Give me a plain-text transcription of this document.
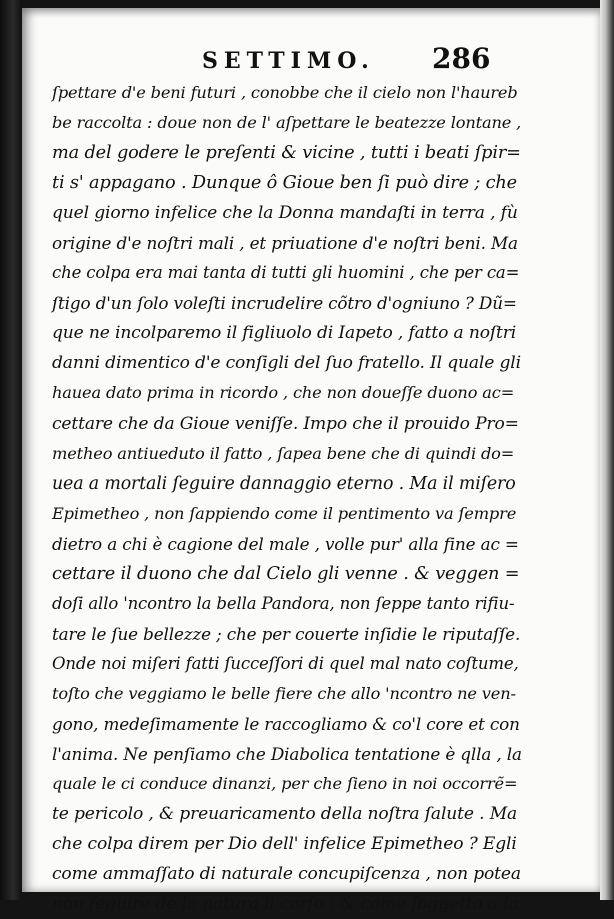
SETTIMO. 286
ſpettare d'e beni futuri , conobbe che il cielo non l'haureb
be raccolta : doue non de l' aſpettare le beatezze lontane ,
ma del godere le preſenti & vicine , tutti i beati ſpir=
ti s' appagano . Dunque ô Gioue ben ſi può dire ; che
quel giorno infelice che la Donna mandaſti in terra , fù
origine d'e noſtri mali , et priuatione d'e noſtri beni. Ma
che colpa era mai tanta di tutti gli huomini , che per ca=
ſtigo d'un ſolo voleſti incrudelire cõtro d'ogniuno ? Dũ=
que ne incolparemo il figliuolo di Iapeto , fatto a noſtri
danni dimentico d'e conſigli del ſuo fratello. Il quale gli
haueа dato prima in ricordo , che non doueſſe duono ac=
cettare che da Gioue veniſſe. Impo che il prouido Pro=
metheo antiueduto il fatto , ſapea bene che di quindi do=
ueа a mortali ſeguire dannaggio eterno . Ma il miſero
Epimetheo , non ſappiendo come il pentimento va ſempre
dietro a chi è cagione del male , volle pur' alla fine ac =
cettare il duono che dal Cielo gli venne . & veggen =
doſi allo 'ncontro la bella Pandora, non ſeppe tanto rifiu-
tare le ſue bellezze ; che per couerte inſidie le riputaſſe.
Onde noi miſeri fatti ſucceſſori di quel mal nato coſtume,
toſto che veggiamo le belle fiere che allo 'ncontro ne ven-
gono, medeſimamente le raccogliamo & co'l core et con
l'anima. Ne penſiamo che Diabolica tentatione è qlla , la
quale le ci conduce dinanzi, per che ſieno in noi occorrẽ=
te pericolo , & preuaricamento della noſtra ſalute . Ma
che colpa direm per Dio dell' infelice Epimetheo ? Egli
come ammaſſato di naturale concupiſcenza , non potea
non ſeguire de la natura il corſo : & come ſoggetto a la
